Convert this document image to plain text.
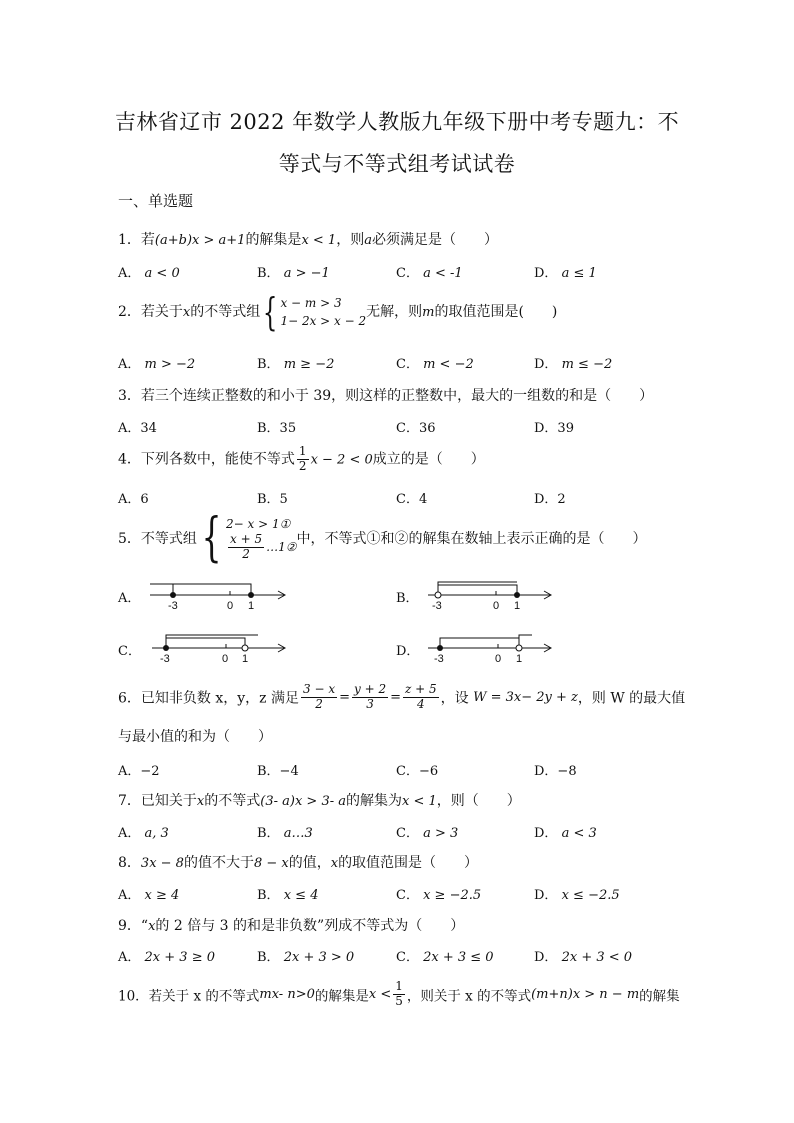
吉林省辽市 2022 年数学人教版九年级下册中考专题九：不
等式与不等式组考试试卷
一、单选题
1．若(a+b)x > a+1的解集是x < 1，则a必须满足是（　　）
A． a < 0	B． a > −1	C． a < -1	D． a ≤ 1
2．若关于x的不等式组{ x − m > 3
1− 2x > x − 2
无解，则m的取值范围是(　　)
A． m > −2	B． m ≥ −2	C． m < −2	D． m ≤ −2
3．若三个连续正整数的和小于 39，则这样的正整数中，最大的一组数的和是（　　）
A．34	B．35	C．36	D．39
4．下列各数中，能使不等式 $\frac{1}{2}$ x − 2 < 0成立的是（　　）
A．6	B．5	C．4	D．2
5．不等式组{ 2− x > 1①
$\frac{x + 5}{2}$ …1② 中，不等式①和②的解集在数轴上表示正确的是（　　）
A．	-3	0 1	B． -3	0 1
C． -3	0 1	D． -3	0 1
6．已知非负数 x，y，z 满足 $\frac{3 - x}{2} = \frac{y + 2}{3} = \frac{z + 5}{4}$ ，设 W = 3x− 2y + z，则 W 的最大值
与最小值的和为（　　）
A．−2	B．−4	C．−6	D．−8
7．已知关于x的不等式(3- a)x > 3- a的解集为x < 1，则（　　）
A． a, 3	B． a…3	C． a > 3	D． a < 3
8．3x − 8的值不大于8 − x的值，x的取值范围是（　　）
A． x ≥ 4	B． x ≤ 4	C． x ≥ −2.5	D． x ≤ −2.5
9．“x的 2 倍与 3 的和是非负数”列成不等式为（　　）
A． 2x + 3 ≥ 0	B． 2x + 3 > 0	C． 2x + 3 ≤ 0	D． 2x + 3 < 0
10．若关于 x 的不等式mx- n>0的解集是$x < \frac{1}{5}$ ，则关于 x 的不等式(m+n)x > n − m的解集
